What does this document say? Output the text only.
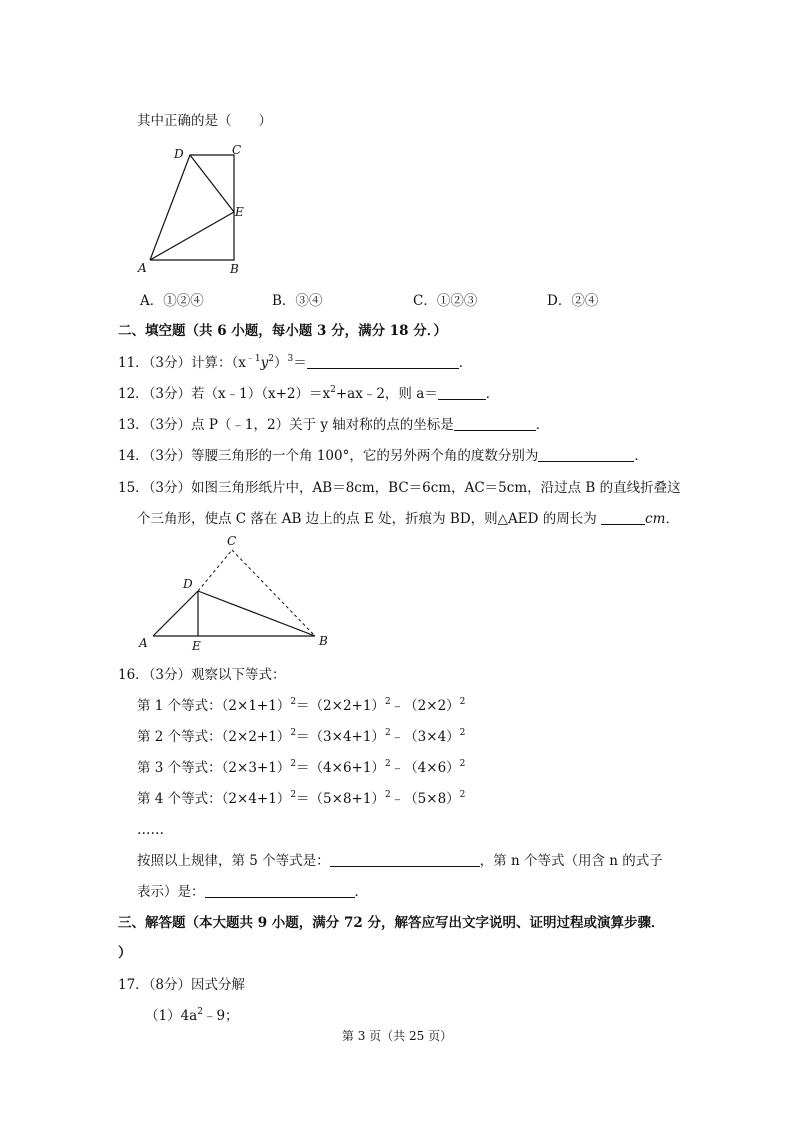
其中正确的是（　　）
D	C
E
A	B
A．①②④	B．③④	C．①②③	D．②④
二、填空题（共 6 小题，每小题 3 分，满分 18 分．）
11．（3分）计算：$(x^{﹣1}y^2)^3=$	．
12．（3分）若$(x﹣1)(x+2)=x^2+ax﹣2$，则 a＝	．
13．（3分）点 P（﹣1，2）关于 y 轴对称的点的坐标是	．
14．（3分）等腰三角形的一个角 100°，它的另外两个角的度数分别为	．
15．（3分）如图三角形纸片中，AB＝8cm，BC＝6cm，AC＝5cm，沿过点 B 的直线折叠这
个三角形，使点 C 落在 AB 边上的点 E 处，折痕为 BD，则△AED 的周长为	cm．
C
D
A	E	B
16．（3分）观察以下等式：
第 1 个等式：$(2\times 1+1)^2=(2\times 2+1)^2﹣(2\times 2)^2$
第 2 个等式：$(2\times 2+1)^2=(3\times 4+1)^2﹣(3\times 4)^2$
第 3 个等式：$(2\times 3+1)^2=(4\times 6+1)^2﹣(4\times 6)^2$
第 4 个等式：$(2\times 4+1)^2=(5\times 8+1)^2﹣(5\times 8)^2$
……
按照以上规律，第 5 个等式是：	，第 n 个等式（用含 n 的式子
表示）是：	．
三、解答题（本大题共 9 小题，满分 72 分，解答应写出文字说明、证明过程或演算步骤．
）
17．（8分）因式分解
$(1)4a^2﹣9$；
第 3 页（共 25 页）
